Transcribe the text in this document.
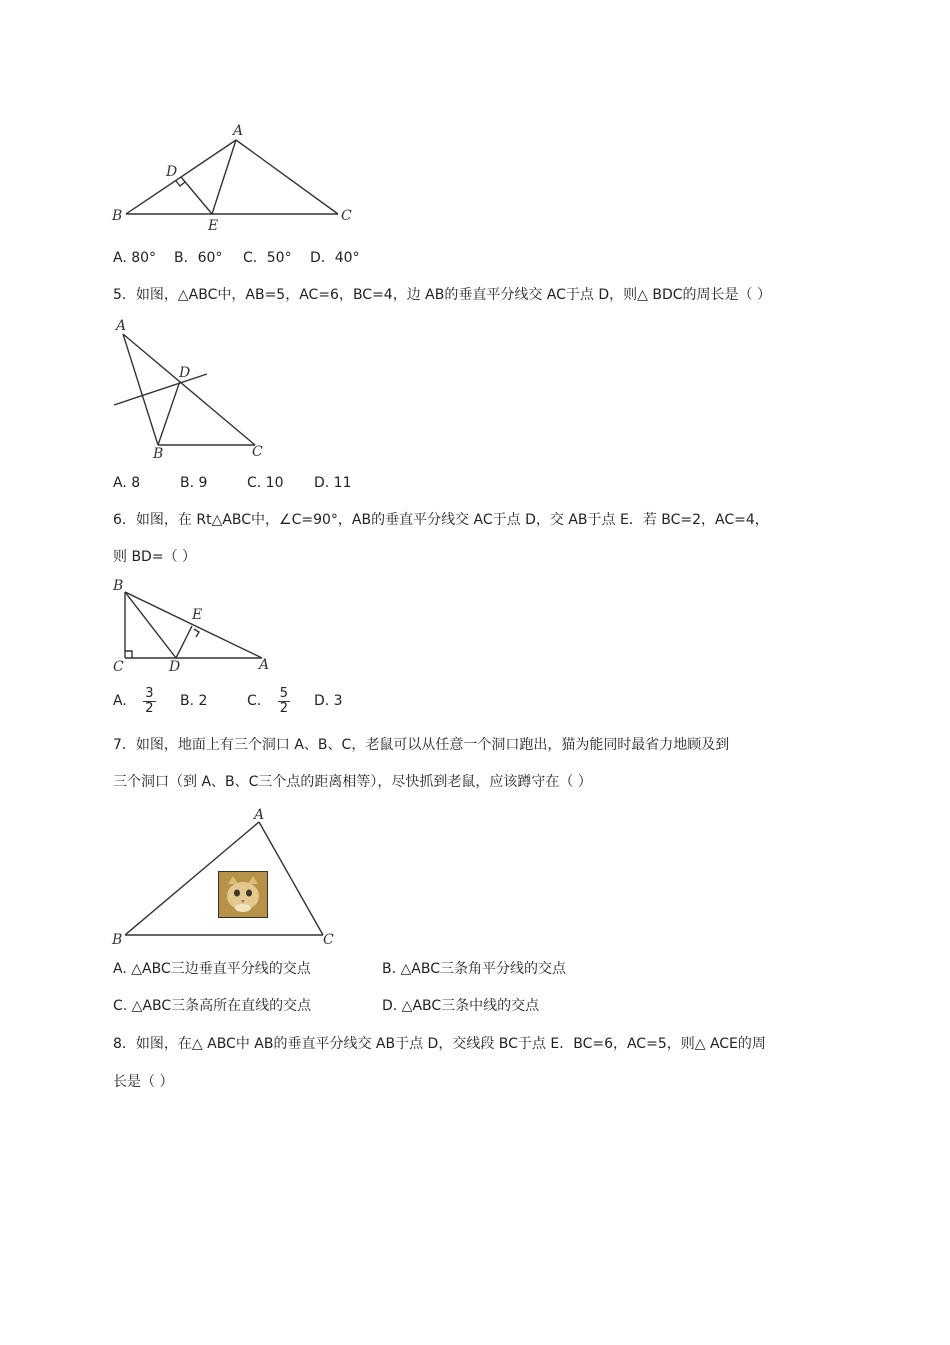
A
B	C
D
E
A. 80° B．60° C．50° D．40°
5．如图，△ABC中，AB=5，AC=6，BC=4，边 AB的垂直平分线交 AC于点 D，则△ BDC的周长是（ ）
A
B	C
D
A. 8	B. 9	C. 10 D. 11
6．如图，在 Rt△ABC中，∠C=90°，AB的垂直平分线交 AC于点 D，交 AB于点 E．若 BC=2，AC=4，
则 BD=（ ）
B
C	D	A
E
A. $\frac{3}{2} B$. 2	C. $\frac{5}{2} D$. 3
7．如图，地面上有三个洞口 A、B、C，老鼠可以从任意一个洞口跑出，猫为能同时最省力地顾及到
三个洞口（到 A、B、C三个点的距离相等），尽快抓到老鼠，应该蹲守在（ ）
A
B	C
A. △ABC三边垂直平分线的交点	B. △ABC三条角平分线的交点
C. △ABC三条高所在直线的交点	D. △ABC三条中线的交点
8．如图，在△ ABC中 AB的垂直平分线交 AB于点 D，交线段 BC于点 E．BC=6，AC=5，则△ ACE的周
长是（ ）
